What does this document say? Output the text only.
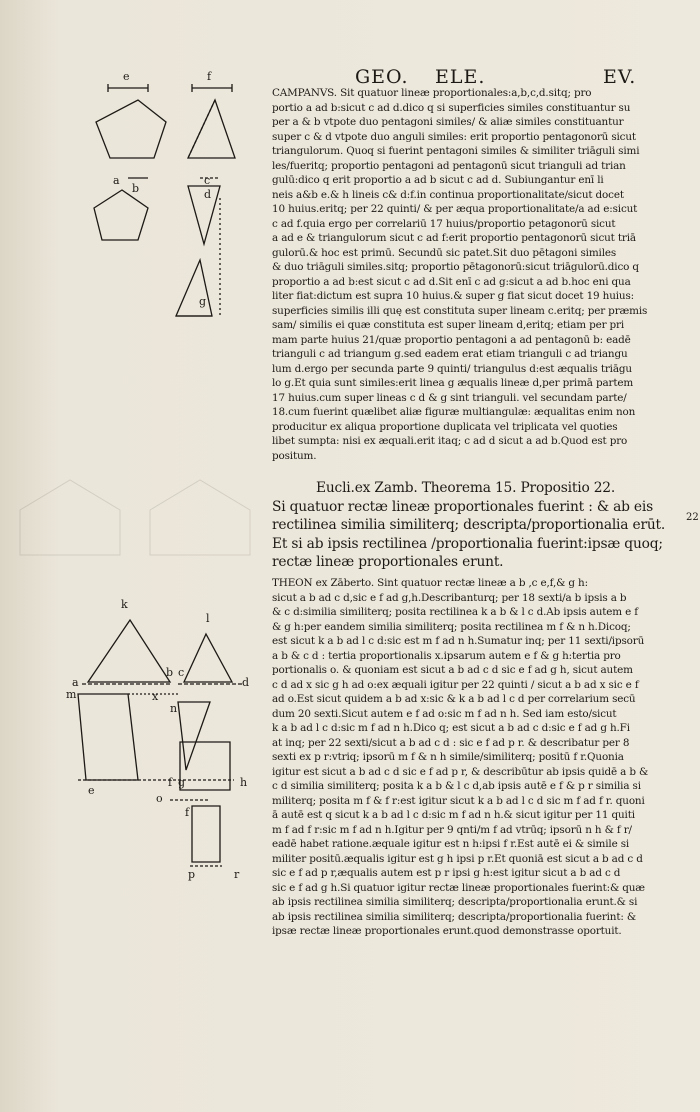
GEO. ELE.	EV.
e	f
a
b
c
d
g
k
l
a
b c
d
x
m
n
e
f g	h
o
f
p	r
CAMPANVS. Sit quatuor lineæ proportionales:a,b,c,d.sitq; pro
portio a ad b:sicut c ad d.dico q si superficies similes constituantur su
per a & b vtpote duo pentagoni similes/ & aliæ similes constituantur
super c & d vtpote duo anguli similes: erit proportio pentagonorū sicut
triangulorum. Quoq si fuerint pentagoni similes & similiter triāguli simi
les/fueritq; proportio pentagoni ad pentagonū sicut trianguli ad trian
gulū:dico q erit proportio a ad b sicut c ad d. Subiungantur enī li
neis a&b e.& h lineis c& d:f.in continua proportionalitate/sicut docet
10 huius.eritq; per 22 quinti/ & per æqua proportionalitate/a ad e:sicut
c ad f.quia ergo per correlariū 17 huius/proportio petagonorū sicut
a ad e & triangulorum sicut c ad f:erit proportio pentagonorū sicut triā
gulorū.& hoc est primū. Secundū sic patet.Sit duo pētagoni similes
& duo triāguli similes.sitq; proportio pētagonorū:sicut triāgulorū.dico q
proportio a ad b:est sicut c ad d.Sit enī c ad g:sicut a ad b.hoc eni qua
liter fiat:dictum est supra 10 huius.& super g fiat sicut docet 19 huius:
superficies similis illi quę est constituta super lineam c.eritq; per præmis
sam/ similis ei quæ constituta est super lineam d,eritq; etiam per pri
mam parte huius 21/quæ proportio pentagoni a ad pentagonū b: eadē
trianguli c ad triangum g.sed eadem erat etiam trianguli c ad triangu
lum d.ergo per secunda parte 9 quinti/ triangulus d:est æqualis triāgu
lo g.Et quia sunt similes:erit linea g æqualis lineæ d,per primā partem
17 huius.cum super lineas c d & g sint trianguli. vel secundam parte/
18.cum fuerint quælibet aliæ figuræ multiangulæ: æqualitas enim non
producitur ex aliqua proportione duplicata vel triplicata vel quoties
libet sumpta: nisi ex æquali.erit itaq; c ad d sicut a ad b.Quod est pro
positum.
Eucli.ex Zamb. Theorema 15. Propositio 22.
Si quatuor rectæ lineæ proportionales fuerint : & ab eis
rectilinea similia similiterq; descripta/proportionalia erūt.
Et si ab ipsis rectilinea /proportionalia fuerint:ipsæ quoq;
rectæ lineæ proportionales erunt.
22
THEON ex Zāberto. Sint quatuor rectæ lineæ a b ,c e,f,& g h:
sicut a b ad c d,sic e f ad g,h.Describanturq; per 18 sexti/a b ipsis a b
& c d:similia similiterq; posita rectilinea k a b & l c d.Ab ipsis autem e f
& g h:per eandem similia similiterq; posita rectilinea m f & n h.Dicoq;
est sicut k a b ad l c d:sic est m f ad n h.Sumatur inq; per 11 sexti/ipsorū
a b & c d : tertia proportionalis x.ipsarum autem e f & g h:tertia pro
portionalis o. & quoniam est sicut a b ad c d sic e f ad g h, sicut autem
c d ad x sic g h ad o:ex æquali igitur per 22 quinti / sicut a b ad x sic e f
ad o.Est sicut quidem a b ad x:sic & k a b ad l c d per correlarium secū
dum 20 sexti.Sicut autem e f ad o:sic m f ad n h. Sed iam esto/sicut
k a b ad l c d:sic m f ad n h.Dico q; est sicut a b ad c d:sic e f ad g h.Fi
at inq; per 22 sexti/sicut a b ad c d : sic e f ad p r. & describatur per 8
sexti ex p r:vtriq; ipsorū m f & n h simile/similiterq; positū f r.Quonia
igitur est sicut a b ad c d sic e f ad p r, & describūtur ab ipsis quidē a b &
c d similia similiterq; posita k a b & l c d,ab ipsis autē e f & p r similia si
militerq; posita m f & f r:est igitur sicut k a b ad l c d sic m f ad f r. quoni
ā autē est q sicut k a b ad l c d:sic m f ad n h.& sicut igitur per 11 quiti
m f ad f r:sic m f ad n h.Igitur per 9 qnti/m f ad vtrūq; ipsorū n h & f r/
eadē habet ratione.æquale igitur est n h:ipsi f r.Est autē ei & simile si
militer positū.æqualis igitur est g h ipsi p r.Et quoniā est sicut a b ad c d
sic e f ad p r,æqualis autem est p r ipsi g h:est igitur sicut a b ad c d
sic e f ad g h.Si quatuor igitur rectæ lineæ proportionales fuerint:& quæ
ab ipsis rectilinea similia similiterq; descripta/proportionalia erunt.& si
ab ipsis rectilinea similia similiterq; descripta/proportionalia fuerint: &
ipsæ rectæ lineæ proportionales erunt.quod demonstrasse oportuit.
